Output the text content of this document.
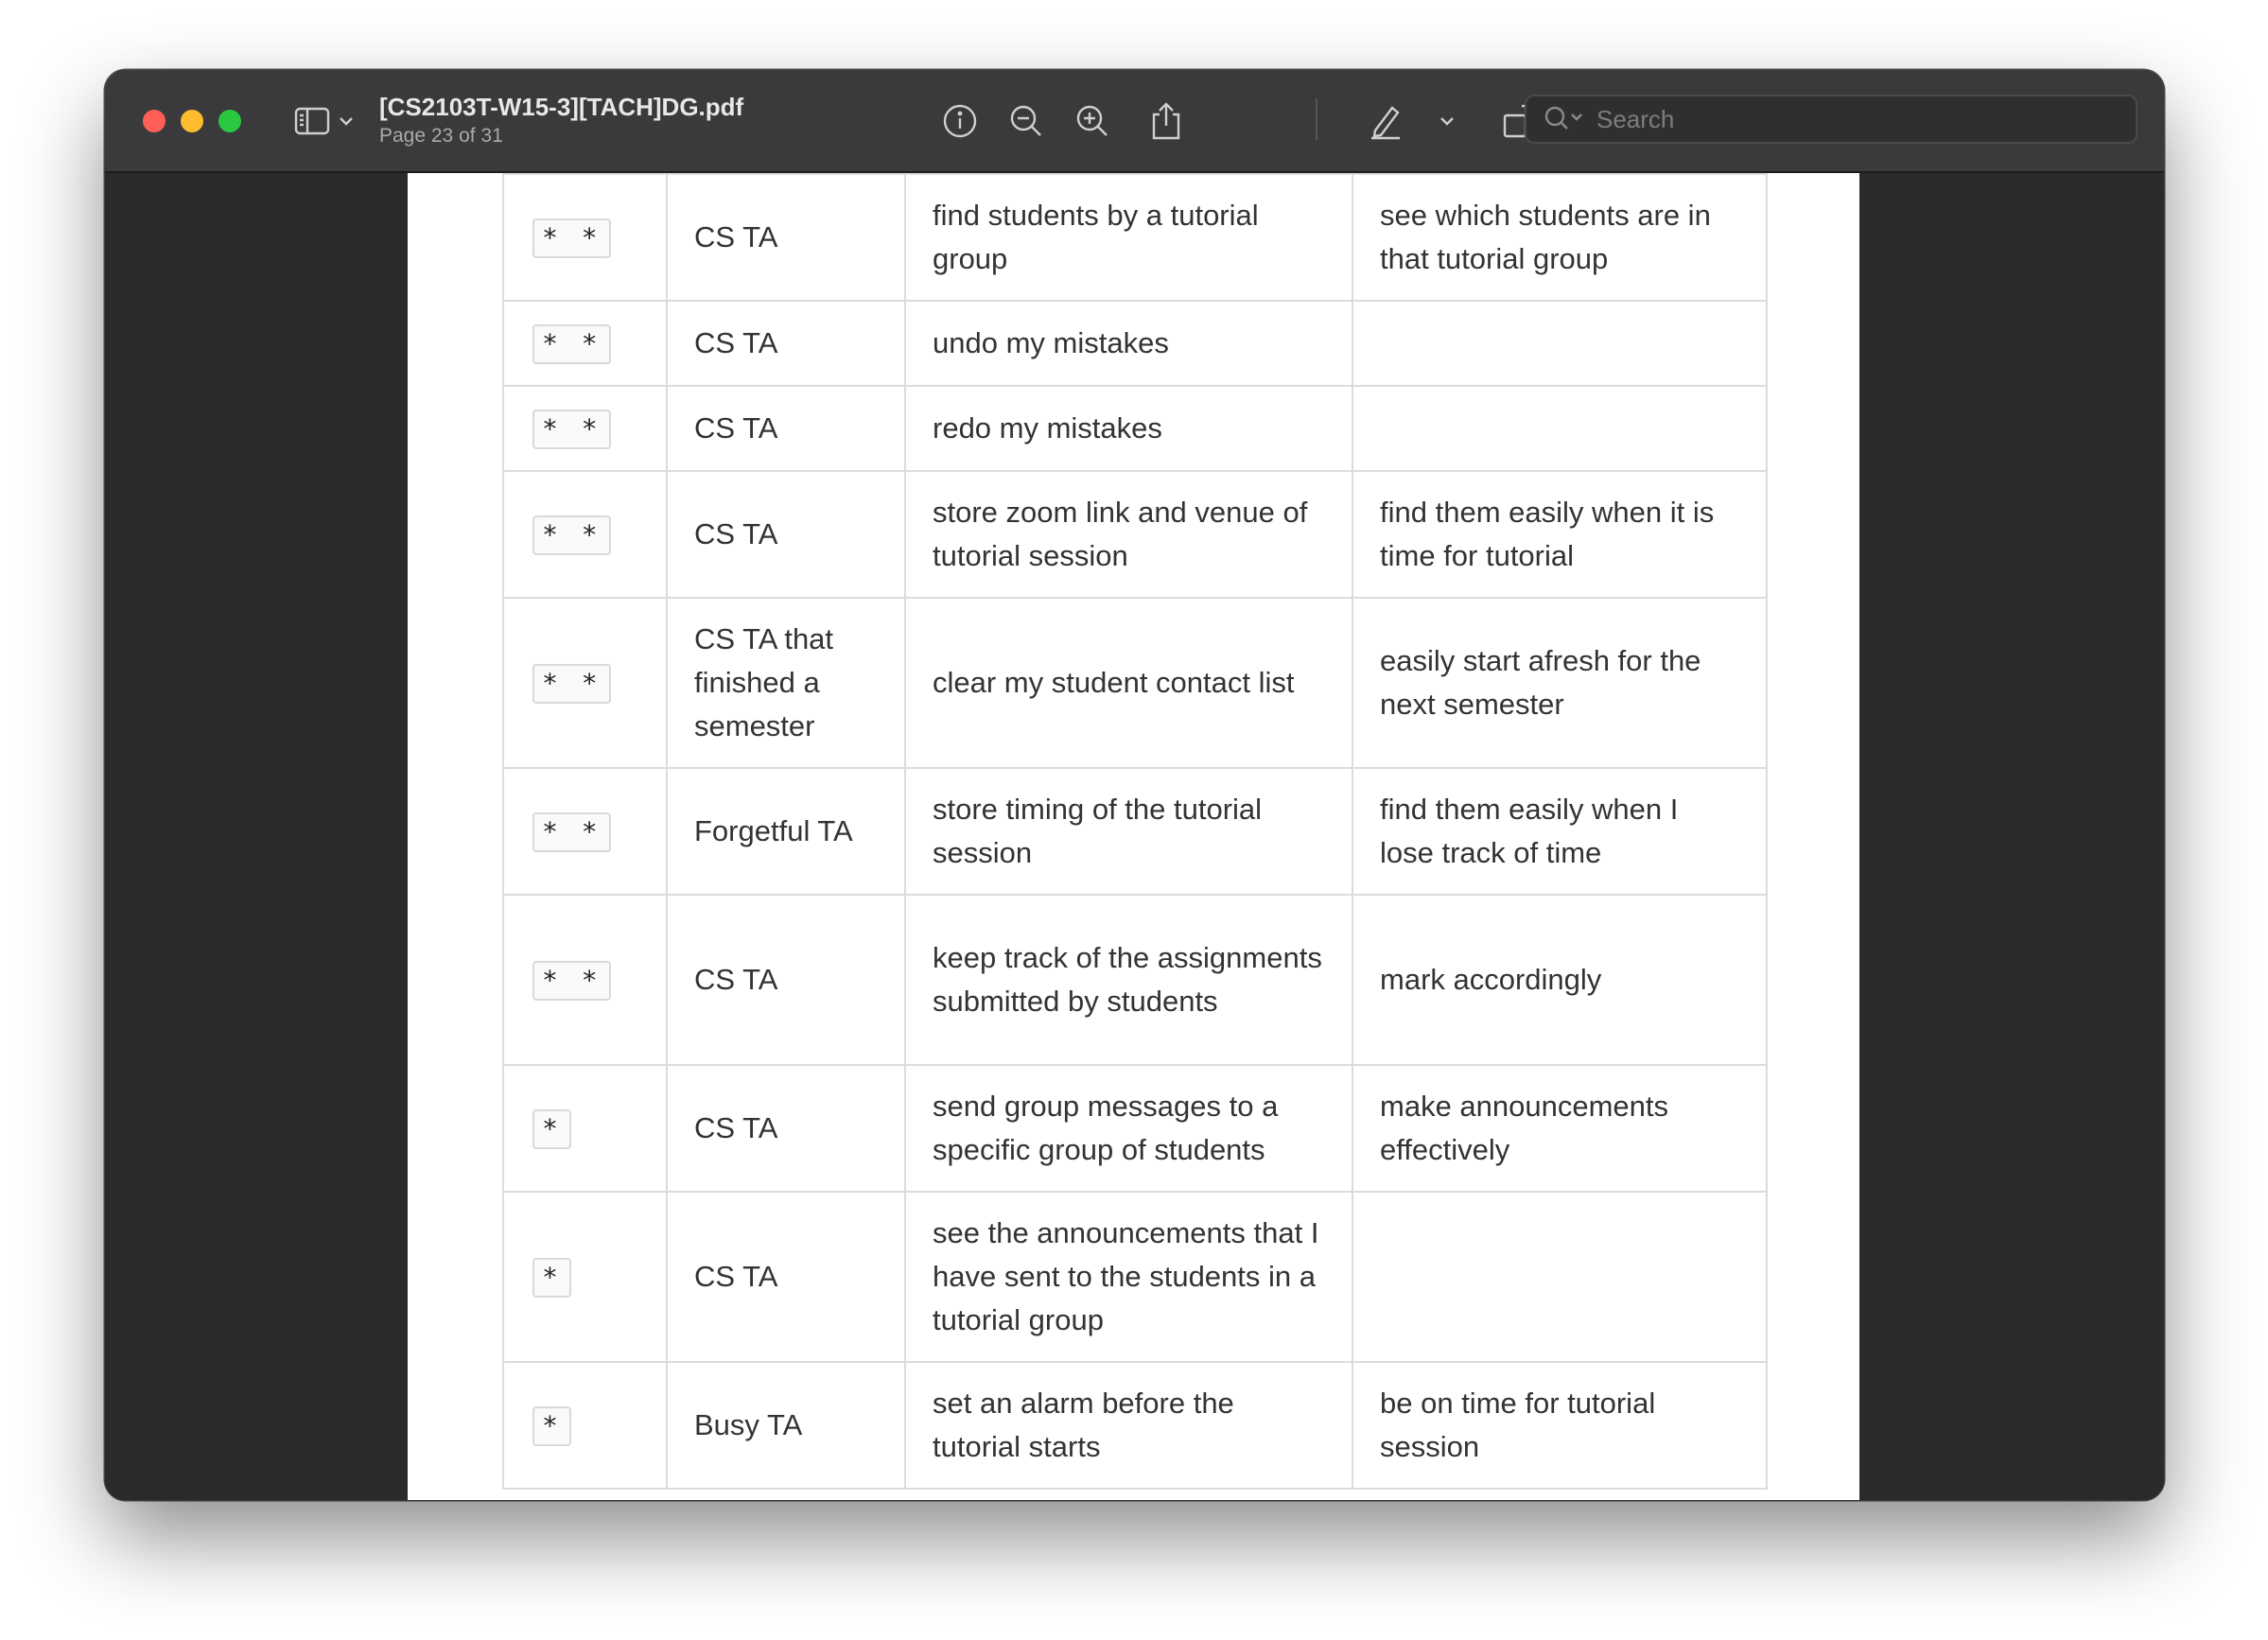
[CS2103T-W15-3][TACH]DG.pdf
Page 23 of 31
Search
* *	CS TA	find students by a tutorial group	see which students are in that tutorial group
* *	CS TA	undo my mistakes	
* *	CS TA	redo my mistakes	
* *	CS TA	store zoom link and venue of tutorial session	find them easily when it is time for tutorial
* *	CS TA that finished a semester	clear my student contact list	easily start afresh for the next semester
* *	Forgetful TA	store timing of the tutorial session	find them easily when I lose track of time
* *	CS TA	keep track of the assignments submitted by students	mark accordingly
*	CS TA	send group messages to a specific group of students	make announcements effectively
*	CS TA	see the announcements that I have sent to the students in a tutorial group	
*	Busy TA	set an alarm before the tutorial starts	be on time for tutorial session
